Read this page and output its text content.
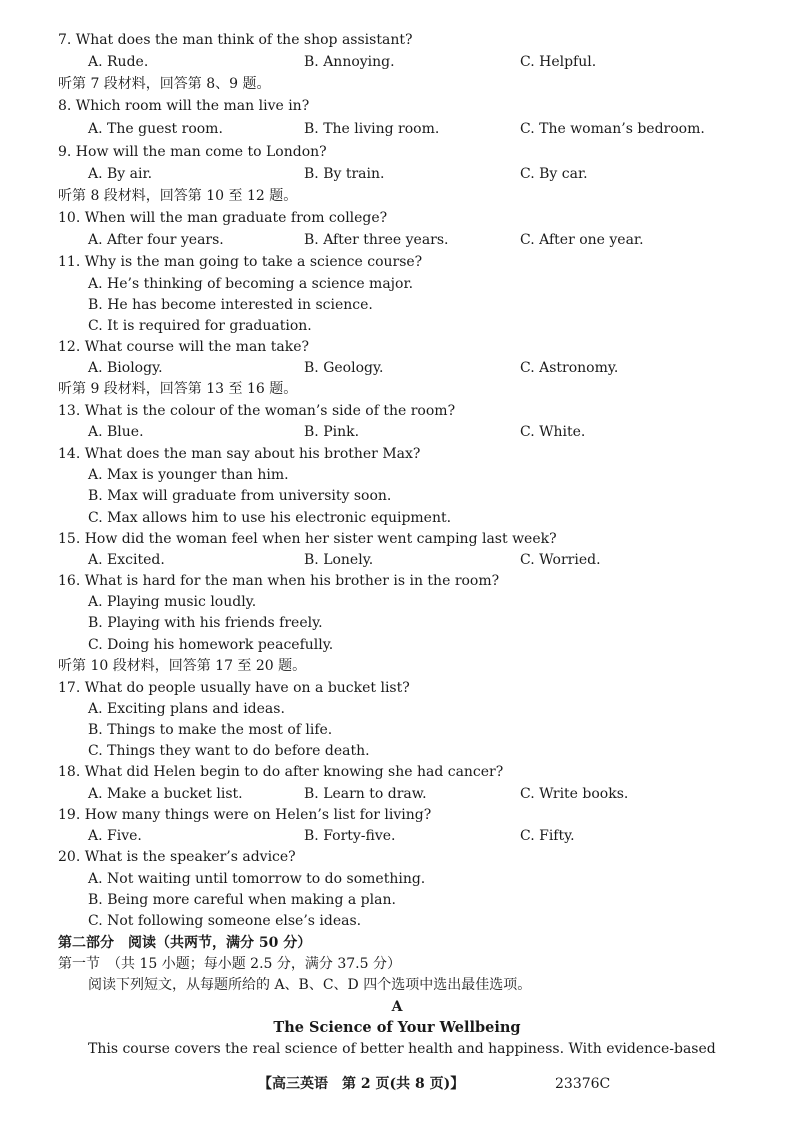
7. What does the man think of the shop assistant?
A. Rude.	B. Annoying.	C. Helpful.
听第 7 段材料，回答第 8、9 题。
8. Which room will the man live in?
A. The guest room.	B. The living room.	C. The woman’s bedroom.
9. How will the man come to London?
A. By air.	B. By train.	C. By car.
听第 8 段材料，回答第 10 至 12 题。
10. When will the man graduate from college?
A. After four years.	B. After three years.	C. After one year.
11. Why is the man going to take a science course?
A. He’s thinking of becoming a science major.
B. He has become interested in science.
C. It is required for graduation.
12. What course will the man take?
A. Biology.	B. Geology.	C. Astronomy.
听第 9 段材料，回答第 13 至 16 题。
13. What is the colour of the woman’s side of the room?
A. Blue.	B. Pink.	C. White.
14. What does the man say about his brother Max?
A. Max is younger than him.
B. Max will graduate from university soon.
C. Max allows him to use his electronic equipment.
15. How did the woman feel when her sister went camping last week?
A. Excited.	B. Lonely.	C. Worried.
16. What is hard for the man when his brother is in the room?
A. Playing music loudly.
B. Playing with his friends freely.
C. Doing his homework peacefully.
听第 10 段材料，回答第 17 至 20 题。
17. What do people usually have on a bucket list?
A. Exciting plans and ideas.
B. Things to make the most of life.
C. Things they want to do before death.
18. What did Helen begin to do after knowing she had cancer?
A. Make a bucket list.	B. Learn to draw.	C. Write books.
19. How many things were on Helen’s list for living?
A. Five.	B. Forty-five.	C. Fifty.
20. What is the speaker’s advice?
A. Not waiting until tomorrow to do something.
B. Being more careful when making a plan.
C. Not following someone else’s ideas.
第二部分　阅读（共两节，满分 50 分）
第一节　（共 15 小题；每小题 2.5 分，满分 37.5 分）
阅读下列短文，从每题所给的 A、B、C、D 四个选项中选出最佳选项。
A
The Science of Your Wellbeing
This course covers the real science of better health and happiness. With evidence-based
【高三英语　第 2 页(共 8 页)】	23376C
